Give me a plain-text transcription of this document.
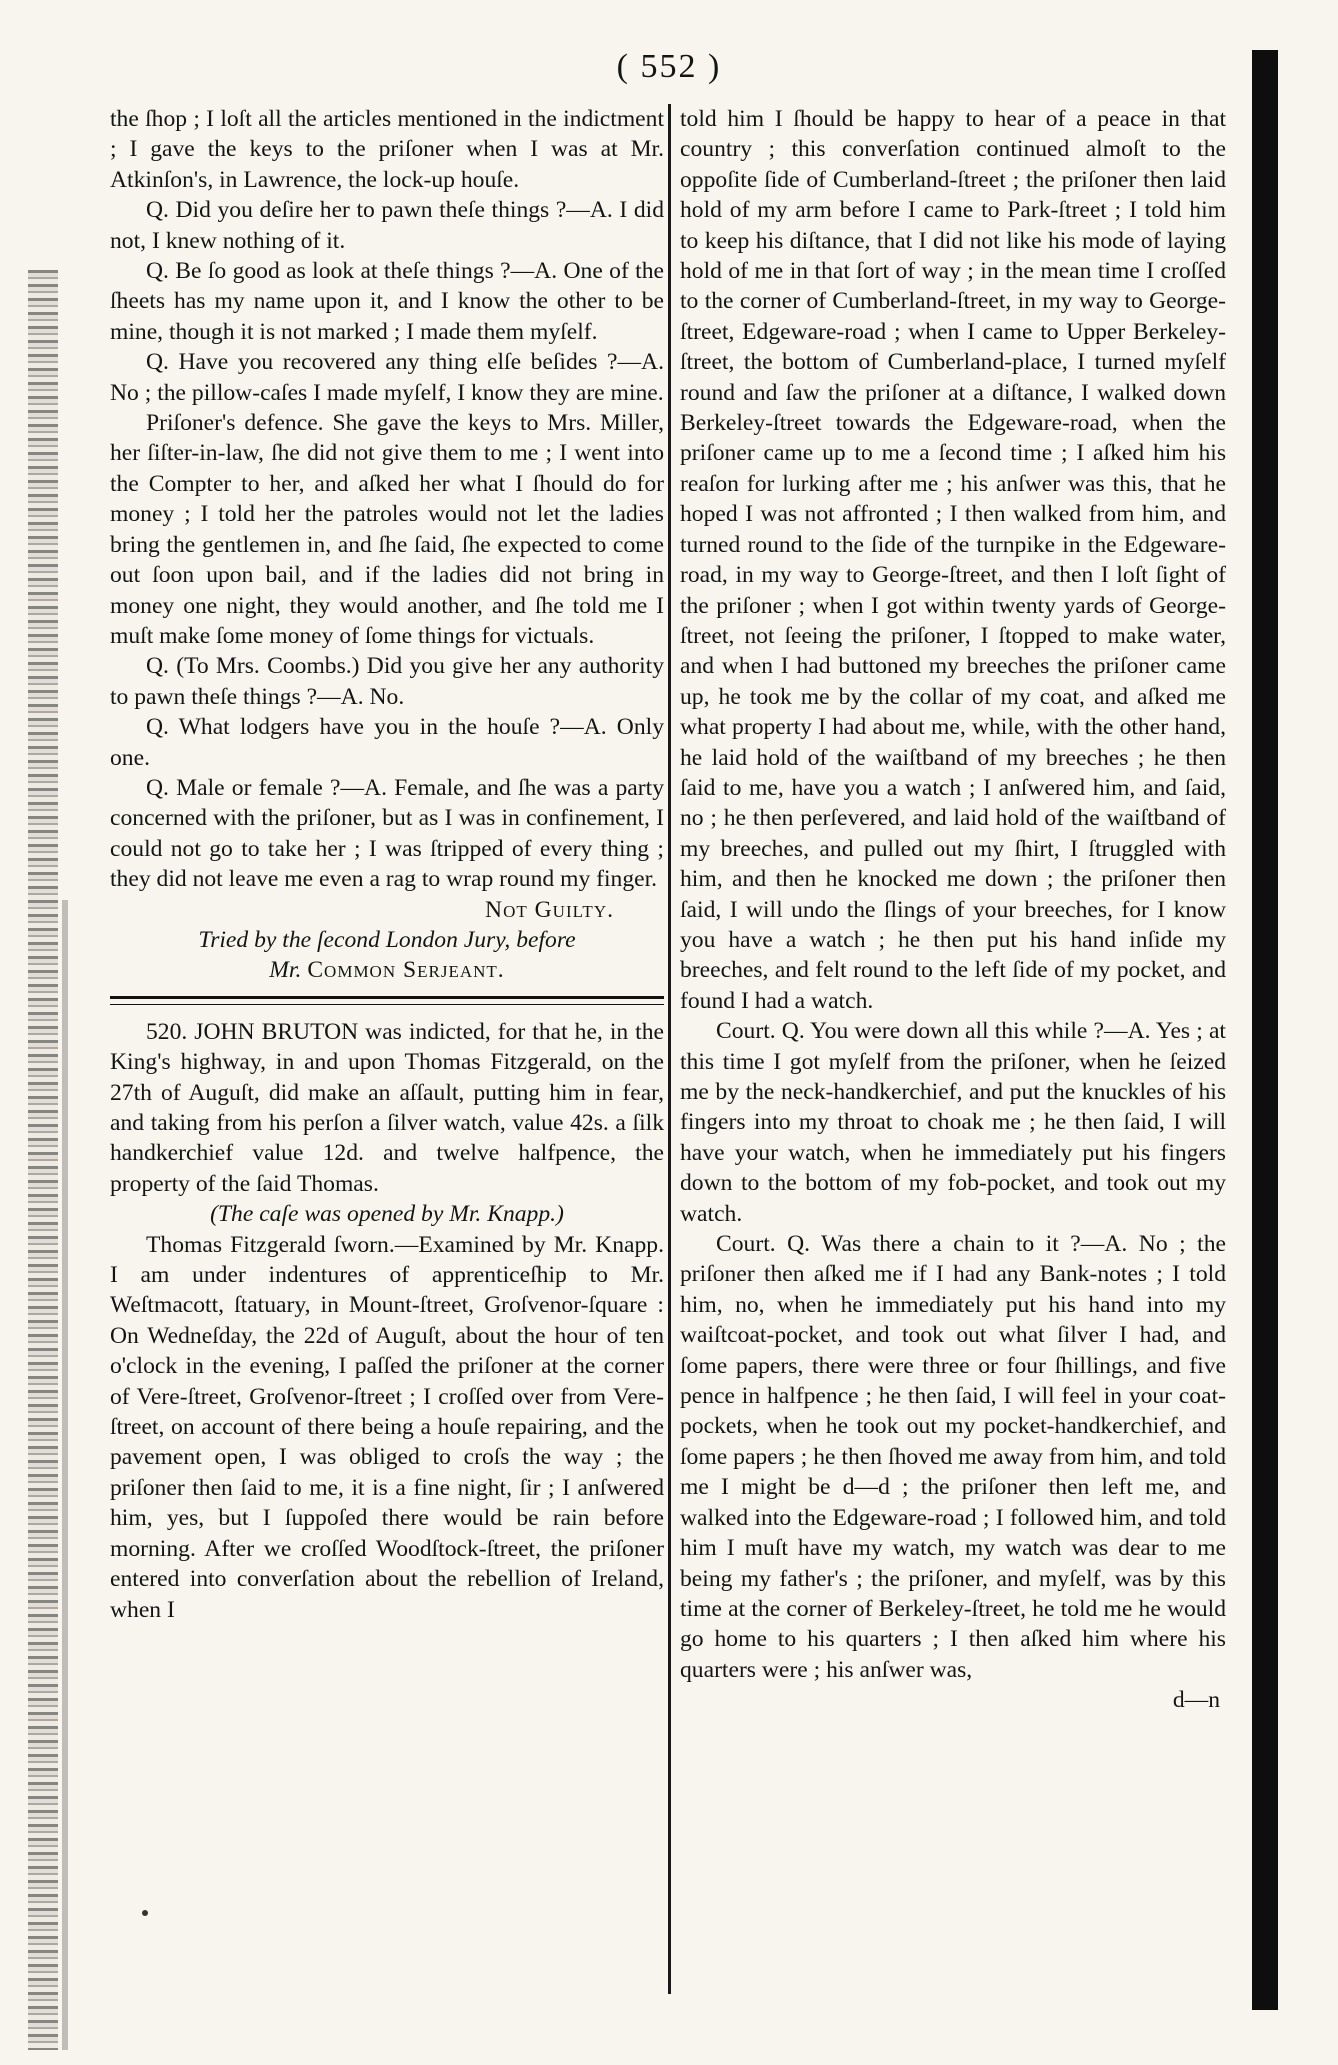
( 552 )

the ſhop ; I loſt all the articles mentioned in the indictment ; I gave the keys to the priſoner when I was at Mr. Atkinſon's, in Lawrence, the lock-up houſe.

Q. Did you deſire her to pawn theſe things ?—A. I did not, I knew nothing of it.

Q. Be ſo good as look at theſe things ?—A. One of the ſheets has my name upon it, and I know the other to be mine, though it is not marked ; I made them myſelf.

Q. Have you recovered any thing elſe beſides ?—A. No ; the pillow-caſes I made myſelf, I know they are mine.

Priſoner's defence. She gave the keys to Mrs. Miller, her ſiſter-in-law, ſhe did not give them to me ; I went into the Compter to her, and aſked her what I ſhould do for money ; I told her the patroles would not let the ladies bring the gentlemen in, and ſhe ſaid, ſhe expected to come out ſoon upon bail, and if the ladies did not bring in money one night, they would another, and ſhe told me I muſt make ſome money of ſome things for victuals.

Q. (To Mrs. Coombs.) Did you give her any authority to pawn theſe things ?—A. No.

Q. What lodgers have you in the houſe ?—A. Only one.

Q. Male or female ?—A. Female, and ſhe was a party concerned with the priſoner, but as I was in confinement, I could not go to take her ; I was ſtripped of every thing ; they did not leave me even a rag to wrap round my finger.

Not Guilty.

Tried by the ſecond London Jury, before

Mr. Common Serjeant.

520. JOHN BRUTON was indicted, for that he, in the King's highway, in and upon Thomas Fitzgerald, on the 27th of Auguſt, did make an aſſault, putting him in fear, and taking from his perſon a ſilver watch, value 42s. a ſilk handkerchief value 12d. and twelve halfpence, the property of the ſaid Thomas.

(The caſe was opened by Mr. Knapp.)

Thomas Fitzgerald ſworn.—Examined by Mr. Knapp. I am under indentures of apprenticeſhip to Mr. Weſtmacott, ſtatuary, in Mount-ſtreet, Groſvenor-ſquare : On Wedneſday, the 22d of Auguſt, about the hour of ten o'clock in the evening, I paſſed the priſoner at the corner of Vere-ſtreet, Groſvenor-ſtreet ; I croſſed over from Vere-ſtreet, on account of there being a houſe repairing, and the pavement open, I was obliged to croſs the way ; the priſoner then ſaid to me, it is a fine night, ſir ; I anſwered him, yes, but I ſuppoſed there would be rain before morning. After we croſſed Woodſtock-ſtreet, the priſoner entered into converſation about the rebellion of Ireland, when I

told him I ſhould be happy to hear of a peace in that country ; this converſation continued almoſt to the oppoſite ſide of Cumberland-ſtreet ; the priſoner then laid hold of my arm before I came to Park-ſtreet ; I told him to keep his diſtance, that I did not like his mode of laying hold of me in that ſort of way ; in the mean time I croſſed to the corner of Cumberland-ſtreet, in my way to George-ſtreet, Edgeware-road ; when I came to Upper Berkeley-ſtreet, the bottom of Cumberland-place, I turned myſelf round and ſaw the priſoner at a diſtance, I walked down Berkeley-ſtreet towards the Edgeware-road, when the priſoner came up to me a ſecond time ; I aſked him his reaſon for lurking after me ; his anſwer was this, that he hoped I was not affronted ; I then walked from him, and turned round to the ſide of the turnpike in the Edgeware-road, in my way to George-ſtreet, and then I loſt ſight of the priſoner ; when I got within twenty yards of George-ſtreet, not ſeeing the priſoner, I ſtopped to make water, and when I had buttoned my breeches the priſoner came up, he took me by the collar of my coat, and aſked me what property I had about me, while, with the other hand, he laid hold of the waiſtband of my breeches ; he then ſaid to me, have you a watch ; I anſwered him, and ſaid, no ; he then perſevered, and laid hold of the waiſtband of my breeches, and pulled out my ſhirt, I ſtruggled with him, and then he knocked me down ; the priſoner then ſaid, I will undo the ſlings of your breeches, for I know you have a watch ; he then put his hand inſide my breeches, and felt round to the left ſide of my pocket, and found I had a watch.

Court. Q. You were down all this while ?—A. Yes ; at this time I got myſelf from the priſoner, when he ſeized me by the neck-handkerchief, and put the knuckles of his fingers into my throat to choak me ; he then ſaid, I will have your watch, when he immediately put his fingers down to the bottom of my fob-pocket, and took out my watch.

Court. Q. Was there a chain to it ?—A. No ; the priſoner then aſked me if I had any Bank-notes ; I told him, no, when he immediately put his hand into my waiſtcoat-pocket, and took out what ſilver I had, and ſome papers, there were three or four ſhillings, and five pence in halfpence ; he then ſaid, I will feel in your coat-pockets, when he took out my pocket-handkerchief, and ſome papers ; he then ſhoved me away from him, and told me I might be d—d ; the priſoner then left me, and walked into the Edgeware-road ; I followed him, and told him I muſt have my watch, my watch was dear to me being my father's ; the priſoner, and myſelf, was by this time at the corner of Berkeley-ſtreet, he told me he would go home to his quarters ; I then aſked him where his quarters were ; his anſwer was,

d—n
